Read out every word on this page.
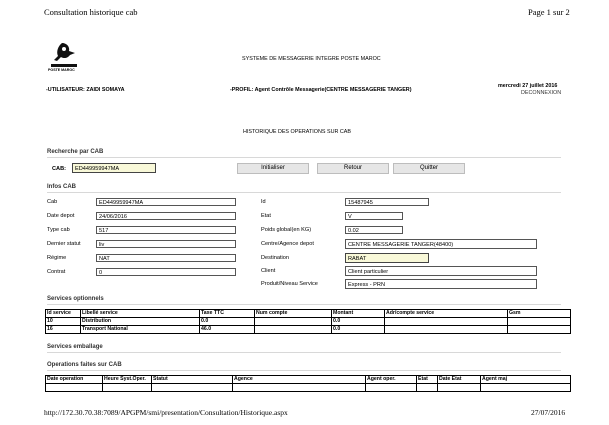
Consultation historique cab	Page 1 sur 2
POSTE MAROC
SYSTEME DE MESSAGERIE INTEGRE POSTE MAROC
-UTILISATEUR: ZAIDI SOMAYA	-PROFIL: Agent Contrôle Messagerie(CENTRE MESSAGERIE TANGER)
mercredi 27 juillet 2016
DECONNEXION
HISTORIQUE DES OPERATIONS SUR CAB
Recherche par CAB
CAB:	ED449959947MA	Initialiser	Retour	Quitter
Infos CAB
Cab	ED449959947MA
Date depot	24/06/2016
Type cab	517
Dernier statut	liv
Régime	NAT
Contrat	0
Id	15487945
Etat	V
Poids global(en KG)	0.02
Centre/Agence depot	CENTRE MESSAGERIE TANGER(48400)
Destination	RABAT
Client	Client particulier
Produit/Niveau Service	Express - PRN
Services optionnels
Id service	Libellé service	Taxe TTC	Num compte	Montant	Adr/compte service	Gsm
10	Distribution	0.0		0.0		
16	Transport National	46.0		0.0		
Services emballage
Operations faites sur CAB
Date operation	Heure Syst.Oper.	Statut	Agence	Agent oper.	Etat	Date Etat	Agent maj

http://172.30.70.38:7089/APGPM/smi/presentation/Consultation/Historique.aspx	27/07/2016
